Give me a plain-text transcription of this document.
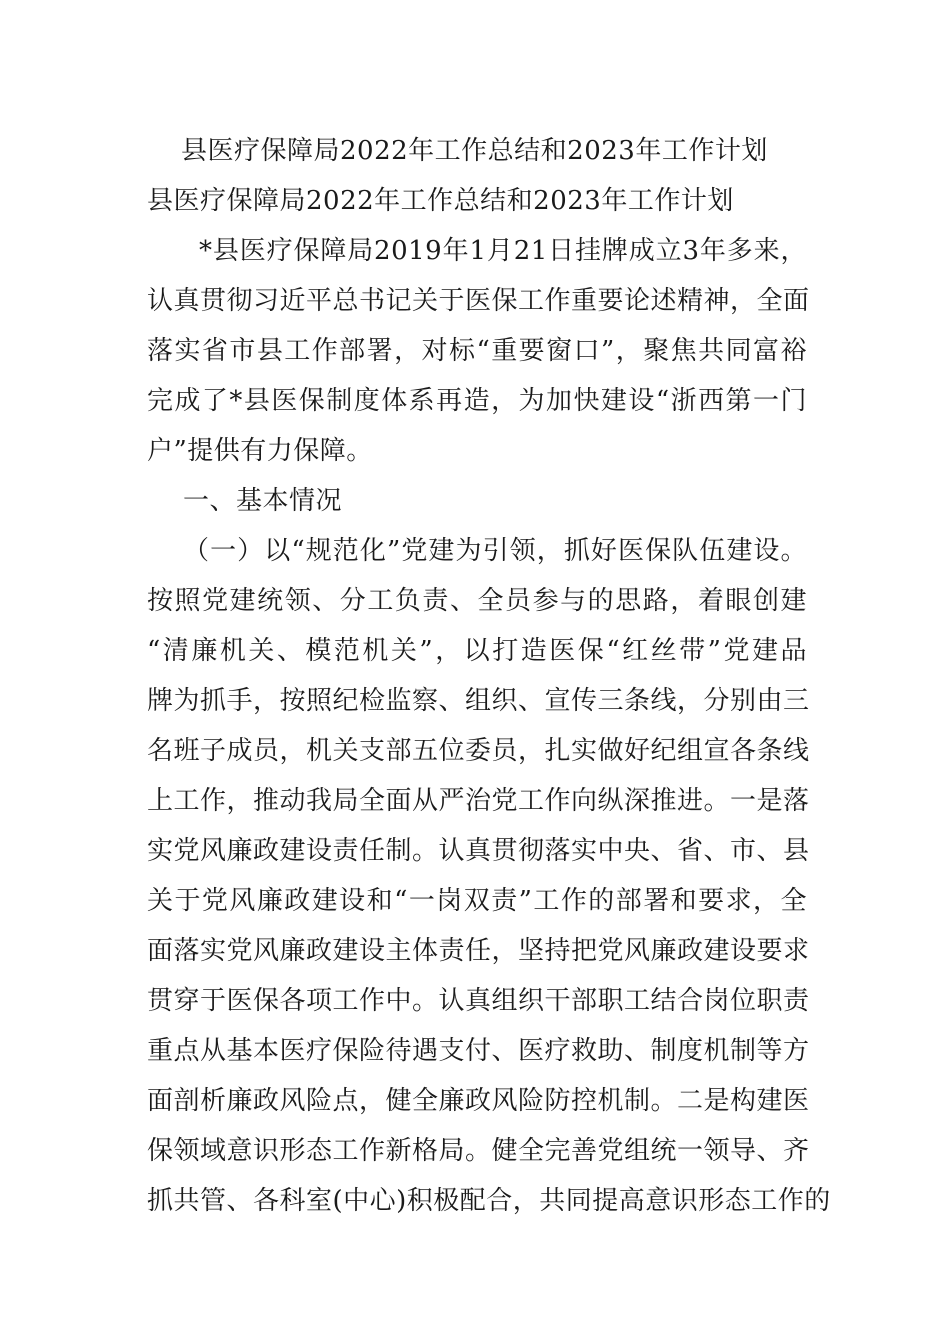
县医疗保障局2022年工作总结和2023年工作计划
县医疗保障局2022年工作总结和2023年工作计划
*县医疗保障局2019年1月21日挂牌成立3年多来，
认真贯彻习近平总书记关于医保工作重要论述精神，全面
落实省市县工作部署，对标“重要窗口”，聚焦共同富裕
完成了*县医保制度体系再造，为加快建设“浙西第一门
户”提供有力保障。
一、基本情况
（一）以“规范化”党建为引领，抓好医保队伍建设。
按照党建统领、分工负责、全员参与的思路，着眼创建
“清廉机关、模范机关”，以打造医保“红丝带”党建品
牌为抓手，按照纪检监察、组织、宣传三条线，分别由三
名班子成员，机关支部五位委员，扎实做好纪组宣各条线
上工作，推动我局全面从严治党工作向纵深推进。一是落
实党风廉政建设责任制。认真贯彻落实中央、省、市、县
关于党风廉政建设和“一岗双责”工作的部署和要求，全
面落实党风廉政建设主体责任，坚持把党风廉政建设要求
贯穿于医保各项工作中。认真组织干部职工结合岗位职责
重点从基本医疗保险待遇支付、医疗救助、制度机制等方
面剖析廉政风险点，健全廉政风险防控机制。二是构建医
保领域意识形态工作新格局。健全完善党组统一领导、齐
抓共管、各科室(中心)积极配合，共同提高意识形态工作的
